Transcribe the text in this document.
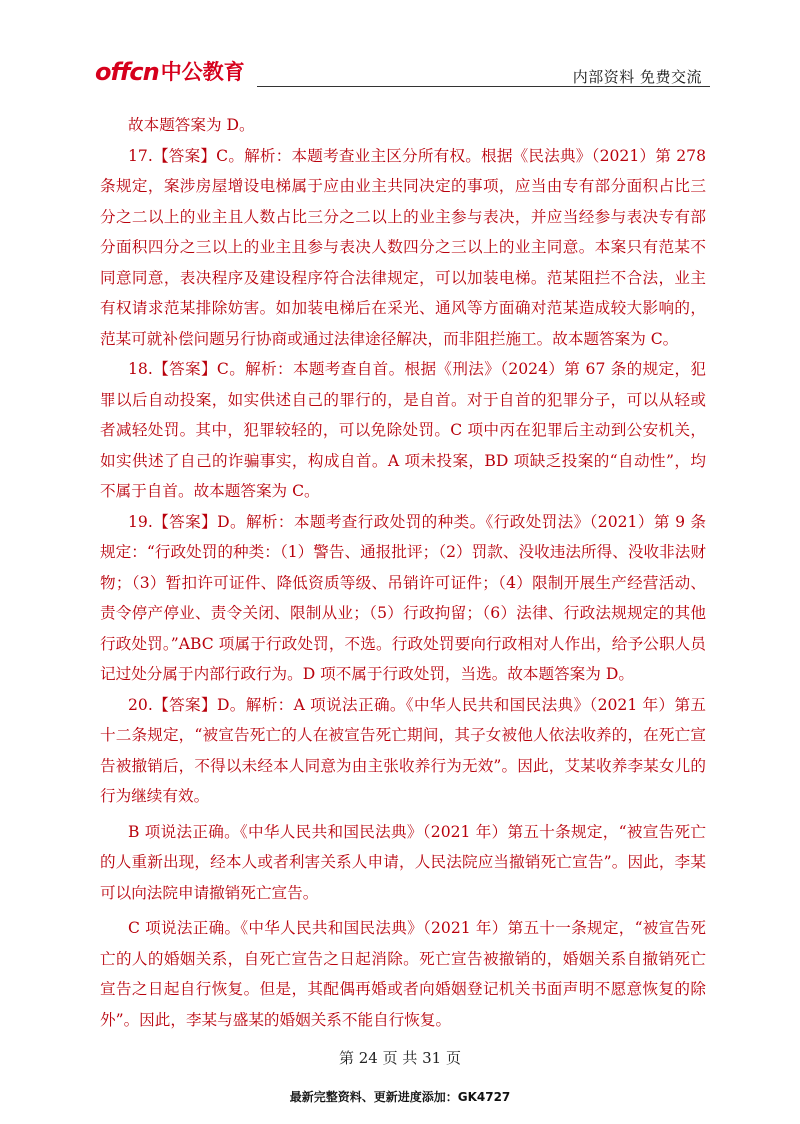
offcn 中公教育	内部资料 免费交流

故本题答案为 D。

17.【答案】C。解析：本题考查业主区分所有权。根据《民法典》（2021）第 278 条规定，案涉房屋增设电梯属于应由业主共同决定的事项，应当由专有部分面积占比三分之二以上的业主且人数占比三分之二以上的业主参与表决，并应当经参与表决专有部分面积四分之三以上的业主且参与表决人数四分之三以上的业主同意。本案只有范某不同意同意，表决程序及建设程序符合法律规定，可以加装电梯。范某阻拦不合法，业主有权请求范某排除妨害。如加装电梯后在采光、通风等方面确对范某造成较大影响的，范某可就补偿问题另行协商或通过法律途径解决，而非阻拦施工。故本题答案为 C。

18.【答案】C。解析：本题考查自首。根据《刑法》（2024）第 67 条的规定，犯罪以后自动投案，如实供述自己的罪行的，是自首。对于自首的犯罪分子，可以从轻或者减轻处罚。其中，犯罪较轻的，可以免除处罚。C 项中丙在犯罪后主动到公安机关，如实供述了自己的诈骗事实，构成自首。A 项未投案，BD 项缺乏投案的“自动性”，均不属于自首。故本题答案为 C。

19.【答案】D。解析：本题考查行政处罚的种类。《行政处罚法》（2021）第 9 条规定：“行政处罚的种类：（1）警告、通报批评；（2）罚款、没收违法所得、没收非法财物；（3）暂扣许可证件、降低资质等级、吊销许可证件；（4）限制开展生产经营活动、责令停产停业、责令关闭、限制从业；（5）行政拘留；（6）法律、行政法规规定的其他行政处罚。”ABC 项属于行政处罚，不选。行政处罚要向行政相对人作出，给予公职人员记过处分属于内部行政行为。D 项不属于行政处罚，当选。故本题答案为 D。

20.【答案】D。解析：A 项说法正确。《中华人民共和国民法典》（2021 年）第五十二条规定，“被宣告死亡的人在被宣告死亡期间，其子女被他人依法收养的，在死亡宣告被撤销后，不得以未经本人同意为由主张收养行为无效”。因此，艾某收养李某女儿的行为继续有效。

B 项说法正确。《中华人民共和国民法典》（2021 年）第五十条规定，“被宣告死亡的人重新出现，经本人或者利害关系人申请，人民法院应当撤销死亡宣告”。因此，李某可以向法院申请撤销死亡宣告。

C 项说法正确。《中华人民共和国民法典》（2021 年）第五十一条规定，“被宣告死亡的人的婚姻关系，自死亡宣告之日起消除。死亡宣告被撤销的，婚姻关系自撤销死亡宣告之日起自行恢复。但是，其配偶再婚或者向婚姻登记机关书面声明不愿意恢复的除外”。因此，李某与盛某的婚姻关系不能自行恢复。

第 24 页 共 31 页
最新完整资料、更新进度添加：GK4727
